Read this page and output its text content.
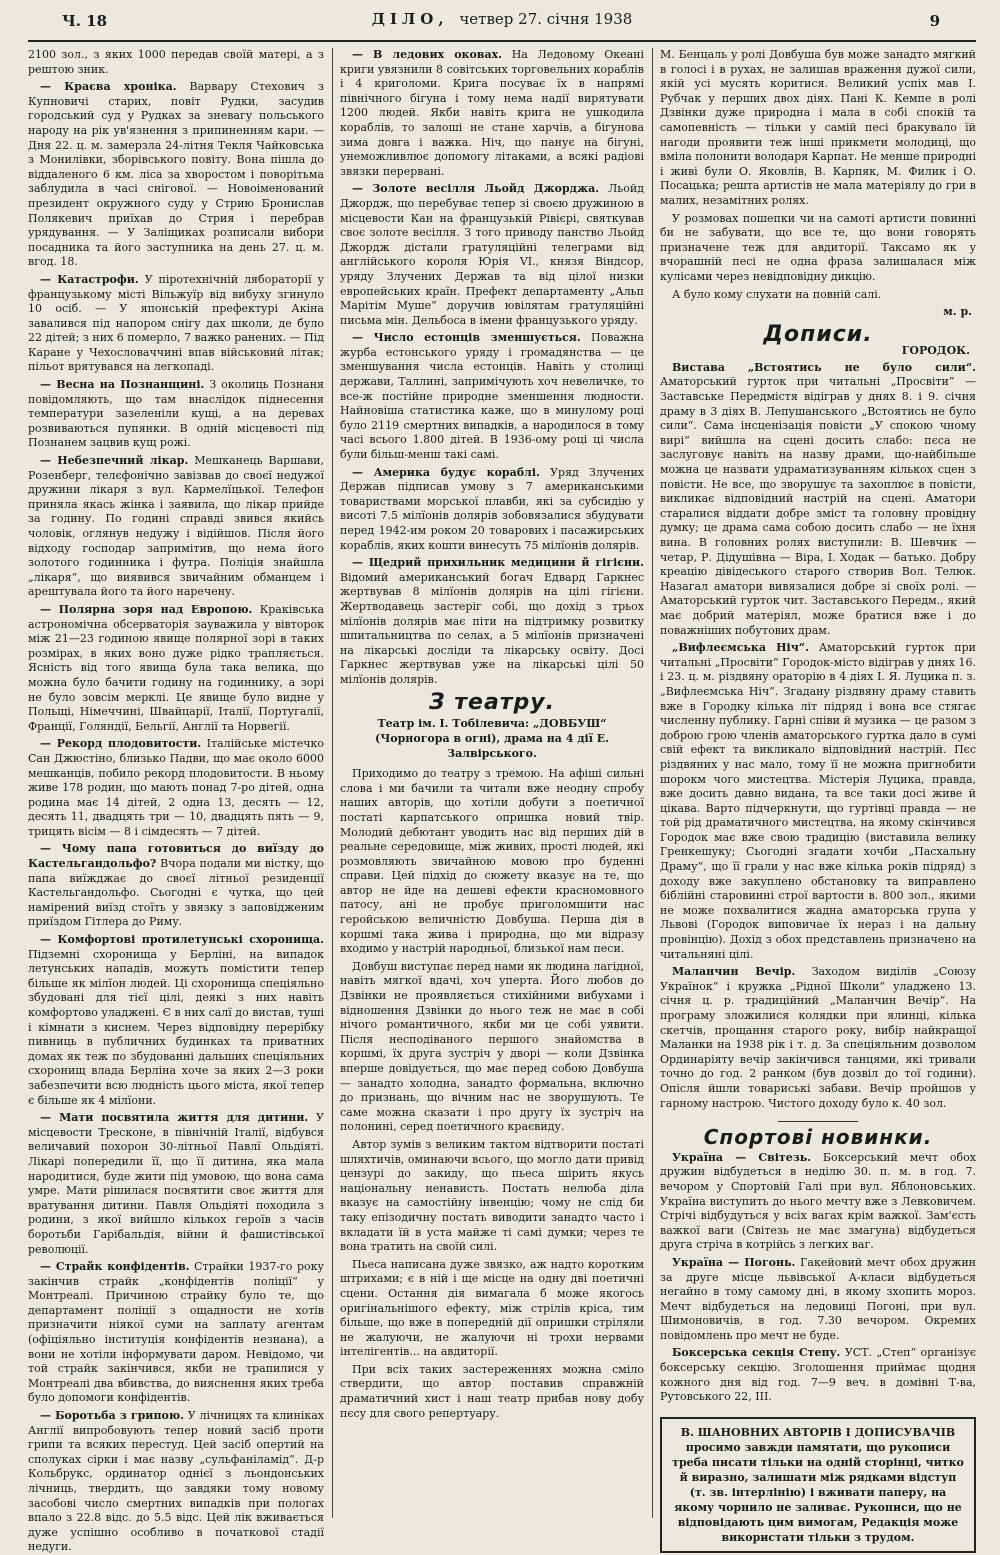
Ч. 18	ДІЛО, четвер 27. січня 1938	9

2100 зол., з яких 1000 передав своїй матері, а з рештою зник.

— Краєва хроніка. Варвару Стехович з Купновичі старих, повіт Рудки, засудив городський суд у Рудках за зневагу польського народу на рік ув'язнення з припиненням кари. — Дня 22. ц. м. замерзла 24-літня Текля Чайковська з Монилівки, зборівського повіту. Вона пішла до віддаленого 6 км. ліса за хворостом і поворітьма заблудила в часі снігової. — Новоіменований президент окружного суду у Стрию Бронислав Полякевич приїхав до Стрия і перебрав урядування. — У Заліщиках розписали вибори посадника та його заступника на день 27. ц. м. вгод. 18.

— Катастрофи. У піротехнічній лябораторії у французькому місті Вільжуїр від вибуху згинуло 10 осіб. — У японській префектурі Акіна завалився під напором снігу дах школи, де було 22 дітей; з них 6 померло, 7 важко ранених. — Під Каране у Чехословаччині впав військовий літак; пільот врятувався на легкопаді.

— Весна на Познанщині. З околиць Познаня повідомляють, що там внаслідок піднесення температури зазеленіли кущі, а на деревах розвиваються пупянки. В одній місцевості під Познанем зацвив кущ рожі.

— Небезпечний лікар. Мешканець Варшави, Розенберг, телєфонічно завізвав до своєї недужої дружини лікаря з вул. Кармелїцької. Телефон приняла якась жінка і заявила, що лікар прийде за годину. По годині справді звився якийсь чоловік, оглянув недужу і відійшов. Після його відходу господар запримітив, що нема його золотого годинника і футра. Поліція знайшла „лікаря“, що виявився звичайним обманцем і арештувала його та його наречену.

— Полярна зоря над Европою. Краківська астрономічна обсерваторія зауважила у вівторок між 21—23 годиною явище полярної зорі в таких розмірах, в яких воно дуже рідко трапляється. Ясність від того явища була така велика, що можна було бачити годину на годиннику, а зорі не було зовсім мерклі. Це явище було видне у Польщі, Німеччині, Швайцарії, Італії, Португалії, Франції, Голяндії, Бельгії, Англії та Норвегії.

— Рекорд плодовитости. Італійське містечко Сан Джюстіно, близько Падви, що має около 6000 мешканців, побило рекорд плодовитости. В ньому живе 178 родин, що мають понад 7-ро дітей, одна родина має 14 дітей, 2 одна 13, десять — 12, десять 11, двадцять три — 10, двадцять пять — 9, трицять вісім — 8 і сімдесять — 7 дітей.

— Чому папа готовиться до виїзду до Кастельгандольфо? Вчора подали ми вістку, що папа виїжджає до своєї літньої резиденції Кастельгандольфо. Сьогодні є чутка, що цей намірений виїзд стоїть у звязку з заповідженим приїздом Гітлера до Риму.

— Комфортові протилетунські схоронища. Підземні схоронища у Берліні, на випадок летунських нападів, можуть помістити тепер більше як мілїон людей. Ці схоронища спеціяльно збудовані для тієї цілі, деякі з них навіть комфортово уладжені. Є в них салї до вистав, туші і кімнати з киснем. Через відповідну перерібку пивниць в публичних будинках та приватних домах як теж по збудованні дальших спеціяльних схоронищ влада Берліна хоче за яких 2—3 роки забезпечити всю людність цього міста, якої тепер є більше як 4 мілїони.

— Мати посвятила життя для дитини. У місцевости Тресконе, в північній Італії, відбувся величавий похорон 30-літньої Павлї Ольдіяті. Лікарі попередили її, що її дитина, яка мала народитися, буде жити під умовою, що вона сама умре. Мати рішилася посвятити своє життя для вратування дитини. Павля Ольдіяті походила з родини, з якої вийшло кількох героїв з часів боротьби Гарібальдія, війни й фашистівської революції.

— Страйк конфідентів. Страйки 1937-го року закінчив страйк „конфідентів поліції“ у Монтреалі. Причиною страйку було те, що департамент поліції з ощадности не хотів призначити ніякої суми на заплату агентам (офіціяльно інституція конфідентів незнана), а вони не хотіли інформувати даром. Невідомо, чи той страйк закінчився, якби не трапилися у Монтреалі два вбивства, до вияснення яких треба було допомоги конфідентів.

— Боротьба з грипою. У лічницях та клиніках Англії випробовують тепер новий засіб проти грипи та всяких перестуд. Цей засіб опертий на сполуках сірки і має назву „сульфаніламід“. Д-р Кольбрукс, ординатор однієї з льондонських лічниць, твердить, що завдяки тому новому засобові число смертних випадків при пологах впало з 22.8 відс. до 5.5 відс. Цей лік вживається дуже успішно особливо в початкової стадії недуги.

— В ледових оковах. На Ледовому Океані криги увязнили 8 совітських торговельних кораблів і 4 криголоми. Крига посуває їх в напрямі північного бігуна і тому нема надії вирятувати 1200 людей. Якби навіть крига не ушкодила кораблів, то залоші не стане харчів, а бігунова зима довга і важка. Ніч, що панує на бігуні, унеможливлює допомогу літаками, а всякі радіові звязки перервані.

— Золоте весілля Льойд Джорджа. Льойд Джордж, що перебуває тепер зі своєю дружиною в місцевости Кан на французькій Рівієрі, святкував своє золоте весілля. З того приводу панство Льойд Джордж дістали гратуляційні телеграми від англійського короля Юрія VI., князя Віндсор, уряду Злучених Держав та від цілої низки европейських країн. Префект департаменту „Альп Марітім Муше“ доручив ювілятам гратуляційні письма мін. Дельбоса в імени французького уряду.

— Число естонців зменшується. Поважна журба естонського уряду і громадянства — це зменшування числа естонців. Навіть у столиці держави, Таллині, запримічують хоч невеличке, то все-ж постійне природне зменшення людности. Найновіша статистика каже, що в минулому році було 2119 смертних випадків, а народилося в тому часі всього 1.800 дітей. В 1936-ому році ці числа були більш-менш такі самі.

— Америка будує кораблі. Уряд Злучених Держав підписав умову з 7 американськими товариствами морської плавби, які за субсидію у висоті 7.5 мілїонів долярів зобовязалися збудувати перед 1942-им роком 20 товарових і пасажирських кораблів, яких кошти винесуть 75 мілїонів долярів.

— Щедрий прихильник медицини й гігієни. Відомий американський богач Едвард Гаркнес жертвував 8 мілїонів долярів на цілі гігієни. Жертводавець застеріг собі, що дохід з трьох мілїонів долярів має піти на підтримку розвитку шпитальництва по селах, а 5 мілїонів призначені на лікарські досліди та лікарську освіту. Досі Гаркнес жертвував уже на лікарські цілі 50 мілїонів долярів.

З театру.
Театр ім. І. Тобілевича: „ДОВБУШ“ (Чорногора в огні), драма на 4 дії Е. Залвірського.

Приходимо до театру з тремою. На афіші сильні слова і ми бачили та читали вже неодну спробу наших авторів, що хотіли добути з поетичної постаті карпатського опришка новий твір. Молодий дебютант уводить нас від перших дій в реальне середовище, між живих, прості людей, які розмовляють звичайною мовою про буденні справи. Цей підхід до сюжету вказує на те, що автор не йде на дешеві ефекти красномовного патосу, ані не пробує приголомшити нас геройською величністю Довбуша. Перша дія в коршмі така жива і природна, що ми відразу входимо у настрій народньої, близької нам песи.

Довбуш виступає перед нами як людина лагідної, навіть мягкої вдачі, хоч уперта. Його любов до Дзвінки не проявляється стихійними вибухами і відношення Дзвінки до нього теж не має в собі нічого романтичного, якби ми це собі уявити. Після несподіваного першого знайомства в коршмі, їх друга зустріч у дворі — коли Дзвінка вперше довідується, що має перед собою Довбуша — занадто холодна, занадто формальна, включно до признань, що вічним нас не зворушують. Те саме можна сказати і про другу їх зустріч на полонині, серед поетичного краєвиду.

Автор зумів з великим тактом відтворити постаті шляхтичів, оминаючи всього, що могло дати привід цензурі до закиду, що пьеса шірить якусь національну ненависть. Постать нелюба діла вказує на самостійну інвенцію; чому не слід би таку епізодичну постать виводити занадто часто і вкладати їй в уста майже ті самі думки; через те вона тратить на своїй силі.

Пьеса написана дуже звязко, аж надто коротким штрихами; є в ній і ще місце на одну дві поетичні сцени. Остання дія вимагала б може якогось оригінальнішого ефекту, між стрілів кріса, тим більше, що вже в попередній дії опришки стріляли не жалуючи, не жалуючи ні трохи нервами інтелігентів... на авдиторії.

При всіх таких застереженнях можна сміло ствердити, що автор поставив справжній драматичний хист і наш театр прибав нову добу пєсу для свого репертуару.

М. Бенцаль у ролі Довбуша був може занадто мягкий в голосі і в рухах, не залишав враження дужої сили, якій усі мусять коритися. Великий успіх мав І. Рубчак у перших двох діях. Пані К. Кемпе в ролі Дзвінки дуже природна і мала в собі спокій та самопевність — тільки у самій песі бракувало їй нагоди проявити теж інші прикмети молодиці, що вміла полонити володаря Карпат. Не менше природні і живі були О. Яковлів, В. Карпяк, М. Филик і О. Посацька; решта артистів не мала матеріялу до гри в малих, незамітних ролях.

У розмовах пошепки чи на самоті артисти повинні би не забувати, що все те, що вони говорять призначене теж для авдиторії. Таксамо як у вчорашній песі не одна фраза залишалася між кулісами через невідповідну дикцію.

А було кому слухати на повній салі.

м. р.
Дописи.
ГОРОДОК.

Вистава „Встоятись не було сили“. Аматорський гурток при читальні „Просвіти“ — Заставське Передмістя відіграв у днях 8. і 9. січня драму в 3 діях В. Лепушанського „Встоятись не було сили“. Сама інсценізація повісти „У спокою чному вирі“ вийшла на сцені досить слабо: пєса не заслуговує навіть на назву драми, що-найбільше можна це назвати удраматизуванням кількох сцен з повісти. Не все, що зворушує та захоплює в повісти, викликає відповідний настрій на сцені. Аматори старалися віддати добре зміст та головну провідну думку; це драма сама собою досить слабо — не їхня вина. В головних ролях виступили: В. Шевчик — четар, Р. Дідушівна — Віра, І. Ходак — батько. Добру креацію дівідеського старого створив Вол. Телюк. Назагал аматори вивязалися добре зі своїх ролі. — Аматорський гурток чит. Заставського Передм., який має добрий матеріял, може братися вже і до поважніших побутових драм.

„Вифлеємська Ніч“. Аматорський гурток при читальні „Просвіти“ Городок-місто відіграв у днях 16. і 23. ц. м. різдвяну ораторію в 4 діях І. Я. Луцика п. з. „Вифлеємська Ніч“. Згадану різдвяну драму ставить вже в Городку кілька літ підряд і вона все стягає численну публику. Гарні співи й музика — це разом з доброю грою членів аматорського гуртка дало в сумі свій ефект та викликало відповідний настрій. Пєс різдвяних у нас мало, тому її не можна пригнобити шорокм чого мистецтва. Містерія Луцика, правда, вже досить давно видана, та все таки досі живе й цікава. Варто підчеркнути, що гуртівці правда — не той рід драматичного мистецтва, на якому скінчився Городок має вже свою традицію (виставила велику Гренкешуку; Сьогодні згадати хочби „Пасхальну Драму“, що її грали у нас вже кілька років підряд) з доходу вже закуплено обстановку та виправлено біблійні старовинні строї вартости в. 800 зол., якими не може похвалитися жадна аматорська група у Львові (Городок виповичае їх нераз і на дальну провінцію). Дохід з обох представлень призначено на читальняні цілі.

Маланчин Вечір. Заходом виділів „Союзу Українок“ і кружка „Рідної Школи“ уладжено 13. січня ц. р. традиційний „Маланчин Вечір“. На програму зложилися колядки при ялинці, кілька скетчів, прощання старого року, вибір найкращої Маланки на 1938 рік і т. д. За спеціяльним дозволом Ординаріяту вечір закінчився танцями, які тривали точно до год. 2 ранком (був дозвіл до тої години). Опісля йшли товариські забави. Вечір пройшов у гарному настрою. Чистого доходу було к. 40 зол.

Спортові новинки.

Україна — Світезь. Боксерський мечт обох дружин відбудеться в неділю 30. п. м. в год. 7. вечором у Спортовій Галі при вул. Яблоновських. Україна виступить до нього мечту вже з Левковичем. Стрічі відбудуться у всіх вагах крім важкої. Зам'єсть важкої ваги (Світезь не має змагуна) відбудеться друга стріча в котрійсь з легких ваг.

Україна — Погонь. Гакейовий мечт обох дружин за друге місце львівської А-класи відбудеться негайно в тому самому дні, в якому зхопить мороз. Мечт відбудеться на ледовиці Погоні, при вул. Шимоновичів, в год. 7.30 вечором. Окремих повідомлень про мечт не буде.

Боксерська секція Степу. УСТ. „Степ“ організує боксерську секцію. Зголошення приймає щодня кожного дня від год. 7—9 веч. в домівні Т-ва, Рутовського 22, ІІІ.

В. ШАНОВНИХ АВТОРІВ І ДОПИСУВАЧІВ просимо завжди памятати, що рукописи треба писати тільки на одній сторінці, читко й виразно, залишати між рядками відступ (т. зв. інтерлінію) і вживати паперу, на якому чорнило не заливає. Рукописи, що не відповідають цим вимогам, Редакція може використати тільки з трудом.
